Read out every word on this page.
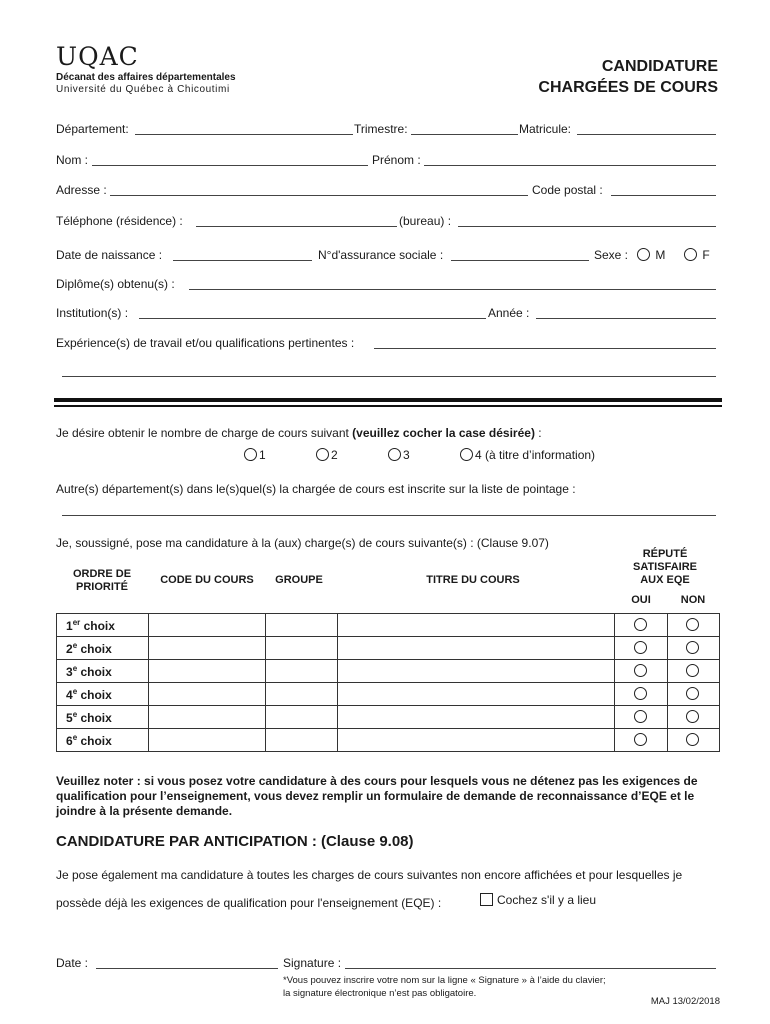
UQAC
Décanat des affaires départementales
Université du Québec à Chicoutimi
CANDIDATURE
CHARGÉES DE COURS
Département:	Trimestre:	Matricule:
Nom :	Prénom :
Adresse :	Code postal :
Téléphone (résidence) :	(bureau) :
Date de naissance :	N°d'assurance sociale :	Sexe :	M	F
Diplôme(s) obtenu(s) :
Institution(s) :	Année :
Expérience(s) de travail et/ou qualifications pertinentes :
Je désire obtenir le nombre de charge de cours suivant (veuillez cocher la case désirée) :
1	2	3	4 (à titre d’information)
Autre(s) département(s) dans le(s)quel(s) la chargée de cours est inscrite sur la liste de pointage :
Je, soussigné, pose ma candidature à la (aux) charge(s) de cours suivante(s) : (Clause 9.07)
ORDRE DE PRIORITÉ
CODE DU COURS	GROUPE	TITRE DU COURS
RÉPUTÉ SATISFAIRE AUX EQE
OUI	NON
1er choix					
2e choix					
3e choix					
4e choix					
5e choix					
6e choix					
Veuillez noter : si vous posez votre candidature à des cours pour lesquels vous ne détenez pas les exigences de qualification pour l’enseignement, vous devez remplir un formulaire de demande de reconnaissance d’EQE et le joindre à la présente demande.
CANDIDATURE PAR ANTICIPATION : (Clause 9.08)
Je pose également ma candidature à toutes les charges de cours suivantes non encore affichées et pour lesquelles je
possède déjà les exigences de qualification pour l'enseignement (EQE) :	Cochez s'il y a lieu
Date :	Signature :
*Vous pouvez inscrire votre nom sur la ligne « Signature » à l’aide du clavier;
la signature électronique n’est pas obligatoire.
MAJ 13/02/2018
